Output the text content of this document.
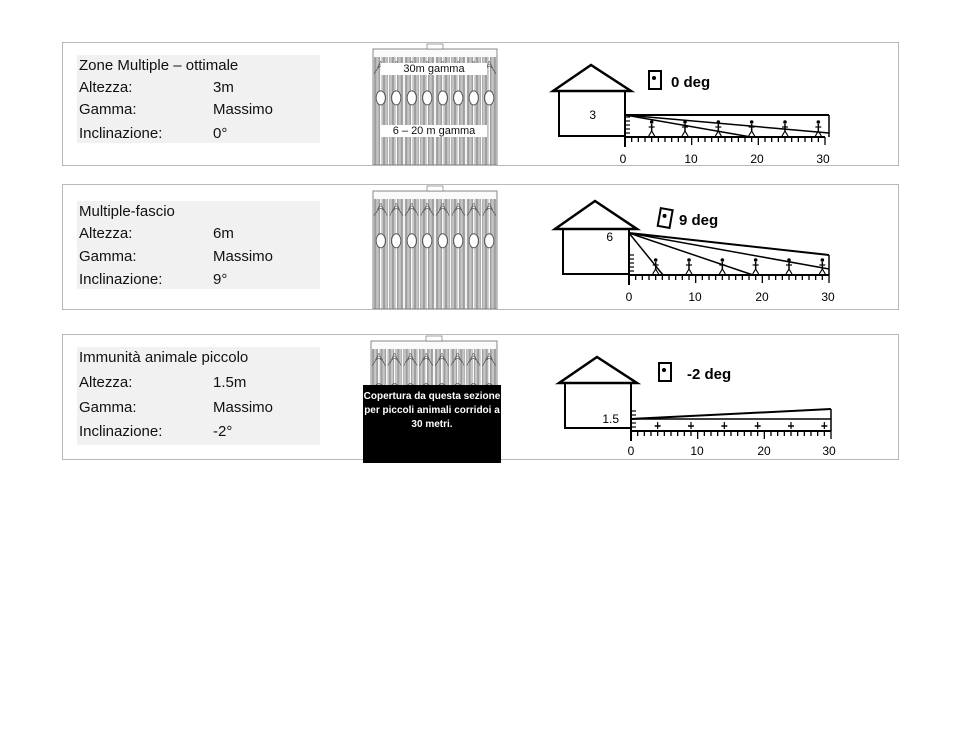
Zone Multiple – ottimale
Altezza:	3m
Gamma:	Massimo
Inclinazione:	0°
30m gamma
6 – 20 m gamma
3
0	10	20	30
0 deg
Multiple-fascio
Altezza:	6m
Gamma:	Massimo
Inclinazione:	9°
6
0	10	20	30
9 deg
Immunità animale piccolo
Altezza:	1.5m
Gamma:	Massimo
Inclinazione:	-2°
Copertura da questa sezione per piccoli animali corridoi a 30 metri.	1.5
0	10	20	30
-2 deg
